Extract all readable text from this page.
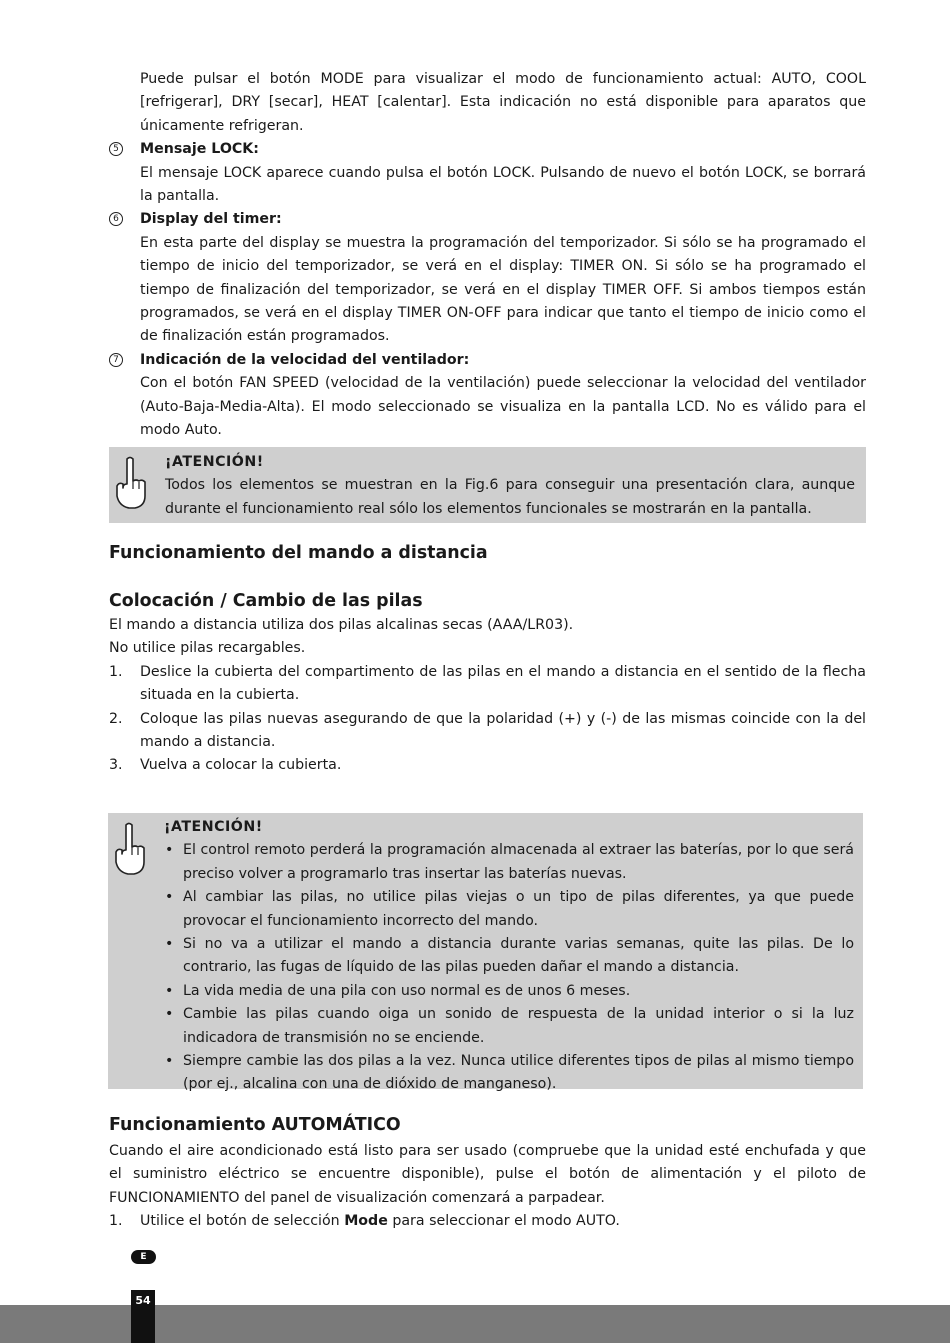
Puede pulsar el botón MODE para visualizar el modo de funcionamiento actual: AUTO, COOL [refrigerar], DRY [secar], HEAT [calentar]. Esta indicación no está disponible para aparatos que únicamente refrigeran.

5 Mensaje LOCK:

El mensaje LOCK aparece cuando pulsa el botón LOCK. Pulsando de nuevo el botón LOCK, se borrará la pantalla.

6 Display del timer:

En esta parte del display se muestra la programación del temporizador. Si sólo se ha programado el tiempo de inicio del temporizador, se verá en el display: TIMER ON. Si sólo se ha programado el tiempo de finalización del temporizador, se verá en el display TIMER OFF. Si ambos tiempos están programados, se verá en el display TIMER ON-OFF para indicar que tanto el tiempo de inicio como el de finalización están programados.

7 Indicación de la velocidad del ventilador:

Con el botón FAN SPEED (velocidad de la ventilación) puede seleccionar la velocidad del ventilador (Auto-Baja-Media-Alta). El modo seleccionado se visualiza en la pantalla LCD. No es válido para el modo Auto.

¡ATENCIÓN!

Todos los elementos se muestran en la Fig.6 para conseguir una presentación clara, aunque durante el funcionamiento real sólo los elementos funcionales se mostrarán en la pantalla.

Funcionamiento del mando a distancia
Colocación / Cambio de las pilas

El mando a distancia utiliza dos pilas alcalinas secas (AAA/LR03).

No utilice pilas recargables.

1. Deslice la cubierta del compartimento de las pilas en el mando a distancia en el sentido de la flecha situada en la cubierta.

2. Coloque las pilas nuevas asegurando de que la polaridad (+) y (-) de las mismas coincide con la del mando a distancia.

3. Vuelva a colocar la cubierta.

¡ATENCIÓN!
• El control remoto perderá la programación almacenada al extraer las baterías, por lo que será preciso volver a programarlo tras insertar las baterías nuevas.
• Al cambiar las pilas, no utilice pilas viejas o un tipo de pilas diferentes, ya que puede provocar el funcionamiento incorrecto del mando.
• Si no va a utilizar el mando a distancia durante varias semanas, quite las pilas. De lo contrario, las fugas de líquido de las pilas pueden dañar el mando a distancia.
• La vida media de una pila con uso normal es de unos 6 meses.
• Cambie las pilas cuando oiga un sonido de respuesta de la unidad interior o si la luz indicadora de transmisión no se enciende.
• Siempre cambie las dos pilas a la vez. Nunca utilice diferentes tipos de pilas al mismo tiempo (por ej., alcalina con una de dióxido de manganeso).
Funcionamiento AUTOMÁTICO

Cuando el aire acondicionado está listo para ser usado (compruebe que la unidad esté enchufada y que el suministro eléctrico se encuentre disponible), pulse el botón de alimentación y el piloto de FUNCIONAMIENTO del panel de visualización comenzará a parpadear.

1. Utilice el botón de selección Mode para seleccionar el modo AUTO.

E
54
